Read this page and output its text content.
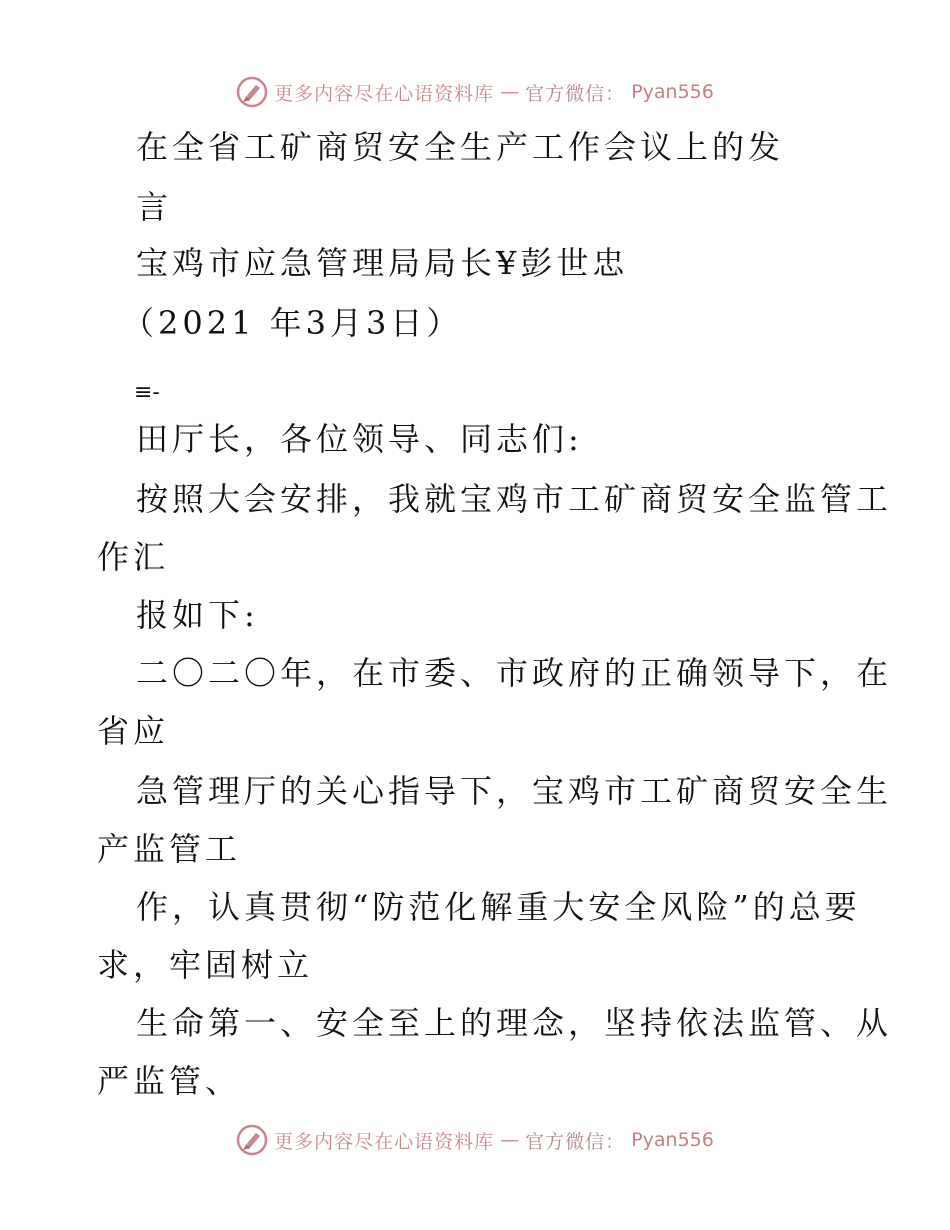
更多内容尽在心语资料库 — 官方微信： Pyan556
在全省工矿商贸安全生产工作会议上的发
言
宝鸡市应急管理局局长¥彭世忠
（2021 年3月3日）
≡-
田厅长，各位领导、同志们:
按照大会安排，我就宝鸡市工矿商贸安全监管工
作汇
报如下:
二〇二〇年，在市委、市政府的正确领导下，在
省应
急管理厅的关心指导下，宝鸡市工矿商贸安全生
产监管工
作，认真贯彻“防范化解重大安全风险”的总要
求，牢固树立
生命第一、安全至上的理念，坚持依法监管、从
严监管、
更多内容尽在心语资料库 — 官方微信： Pyan556
